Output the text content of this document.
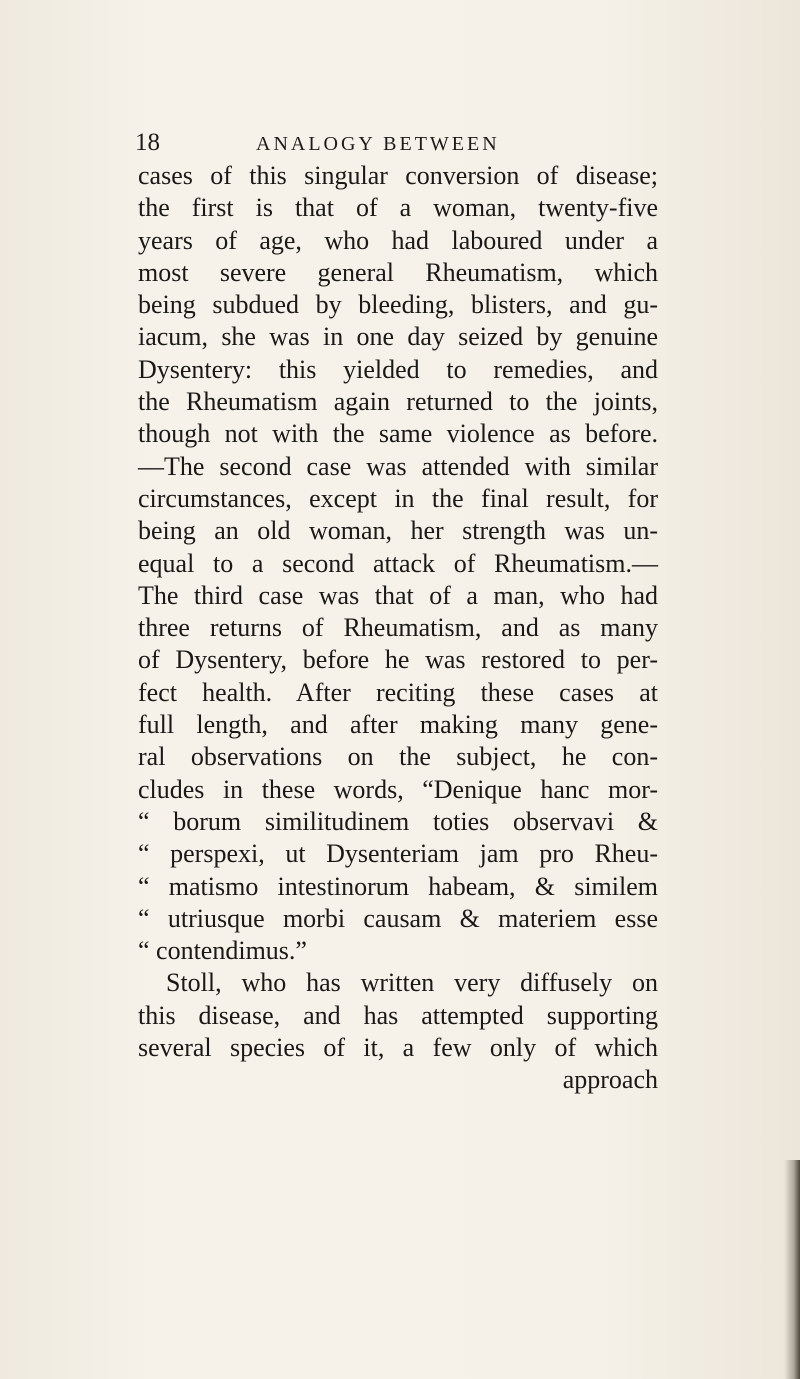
18	ANALOGY BETWEEN
cases of this singular conversion of disease;
the first is that of a woman, twenty-five
years of age, who had laboured under a
most severe general Rheumatism, which
being subdued by bleeding, blisters, and gu-
iacum, she was in one day seized by genuine
Dysentery: this yielded to remedies, and
the Rheumatism again returned to the joints,
though not with the same violence as before.
—The second case was attended with similar
circumstances, except in the final result, for
being an old woman, her strength was un-
equal to a second attack of Rheumatism.—
The third case was that of a man, who had
three returns of Rheumatism, and as many
of Dysentery, before he was restored to per-
fect health. After reciting these cases at
full length, and after making many gene-
ral observations on the subject, he con-
cludes in these words, “Denique hanc mor-
“ borum similitudinem toties observavi &
“ perspexi, ut Dysenteriam jam pro Rheu-
“ matismo intestinorum habeam, & similem
“ utriusque morbi causam & materiem esse
“ contendimus.”
Stoll, who has written very diffusely on
this disease, and has attempted supporting
several species of it, a few only of which
approach
